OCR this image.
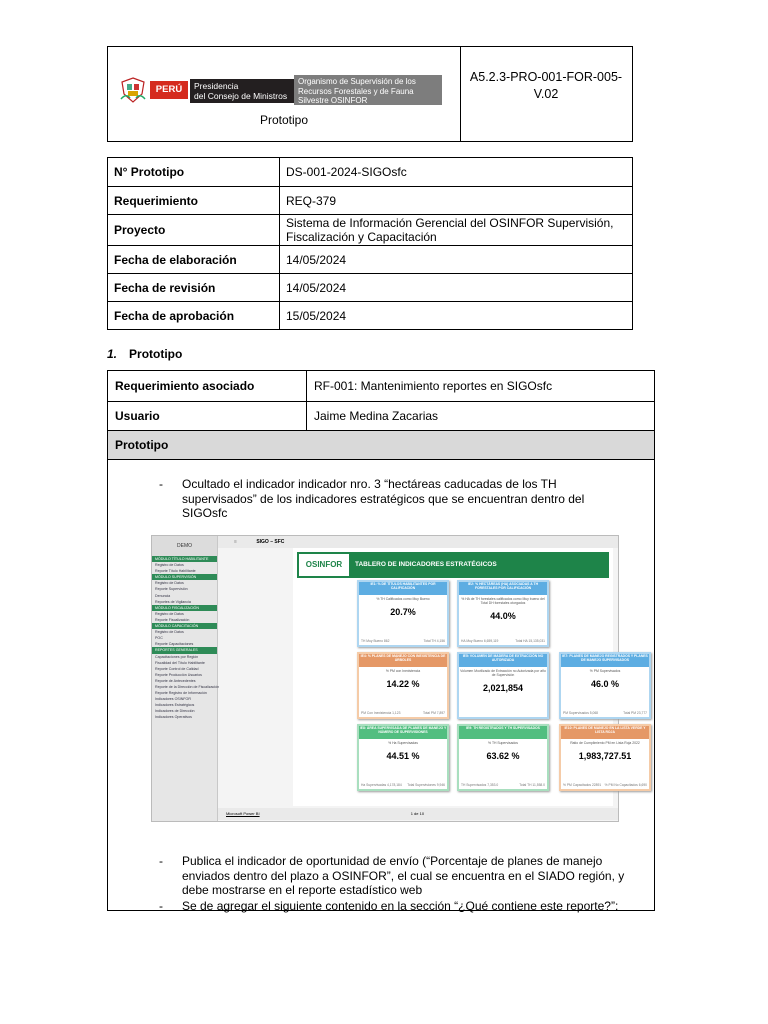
PERÚ	Presidencia
del Consejo de Ministros
Organismo de Supervisión de los Recursos Forestales y de Fauna Silvestre OSINFOR
Prototipo
A5.2.3-PRO-001-FOR-005-V.02
N° Prototipo	DS-001-2024-SIGOsfc
Requerimiento	REQ-379
Proyecto	Sistema de Información Gerencial del OSINFOR Supervisión, Fiscalización y Capacitación
Fecha de elaboración	14/05/2024
Fecha de revisión	14/05/2024
Fecha de aprobación	15/05/2024
1. Prototipo
Requerimiento asociado	RF-001: Mantenimiento reportes en SIGOsfc
Usuario	Jaime Medina Zacarias
Prototipo
- Ocultado el indicador indicador nro. 3 “hectáreas caducadas de los TH supervisados” de los indicadores estratégicos que se encuentran dentro del SIGOsfc
- Publica el indicador de oportunidad de envío (“Porcentaje de planes de manejo enviados dentro del plazo a OSINFOR”, el cual se encuentra en el SIADO región, y debe mostrarse en el reporte estadístico web
- Se de agregar el siguiente contenido en la sección “¿Qué contiene este reporte?”:
DEMO
MÓDULO TÍTULO HABILITANTE
Registro de Datos
Reporte Título Habilitante
MÓDULO SUPERVISIÓN
Registro de Datos
Reporte Supervisión
Denuncia
Reportes de Vigilancia
MÓDULO FISCALIZACIÓN
Registro de Datos
Reporte Fiscalización
MÓDULO CAPACITACIÓN
Registro de Datos
POC
Reporte Capacitaciones
REPORTES GENERALES
Capacitaciones por Región
Fiscalidad del Título Habilitante
Reporte Control de Calidad
Reporte Producción Usuarios
Reporte de Antecedentes
Reporte de la Dirección de Fiscalización
Reporte Registro de Información
Indicadores OSINFOR
Indicadores Estratégicos
Indicadores de Dirección
Indicadores Operativos
≡	SIGO – SFC
OSINFOR	TABLERO DE INDICADORES ESTRATÉGICOS
IE1: % DE TÍTULOS HABILITANTES POR CALIFICACIÓN
% TH Calificados como Muy Bueno
20.7%
TH Muy Bueno 862	Total TH 4,156
IE2: % HECTÁREAS (HA) ASOCIADAS A TH FORESTALES POR CALIFICACIÓN
% HA de TH forestales calificados como Muy bueno del Total DH forestales otorgados
44.0%
HA Muy Bueno 6,659,119	Total HA 15,135,031
IE4: % PLANES DE MANEJO CON INEXISTENCIA DE ÁRBOLES
% PM con Inexistencia
14.22 %
PM Con Inexistencia 1,123	Total PM 7,897
IE5: VOLUMEN DE MADERA DE EXTRACCIÓN NO AUTORIZADA
Volumen Movilizado de Extracción no Autorizada por año de Supervisión
2,021,854
IE7: PLANES DE MANEJO REGISTRADOS Y PLANES DE MANEJO SUPERVISADOS
% PM Supervisados
46.0 %
PM Supervisados 5,068	Total PM 23,777
IE8: ÁREA SUPERVISADA DE PLANES DE MANEJO Y NÚMERO DE SUPERVISIONES
% Ha Supervisadas
44.51 %
Ha Supervisadas 4,178,184 Total Supervisiones 9,946
IE9: TH REGISTRADOS Y TH SUPERVISADOS
% TH Supervisados
63.62 %
TH Supervisados 7,353.0	Total TH 11,558.0
IE10: PLANES DE MANEJO EN LA LISTA VERDE Y LISTA ROJA
Ratio de Cumplimiento PM en Lista Roja 2022
1,983,727.51
% PM Capacitados 22891 % PM No Capacitados 6,690
Microsoft Power BI	1 de 10
